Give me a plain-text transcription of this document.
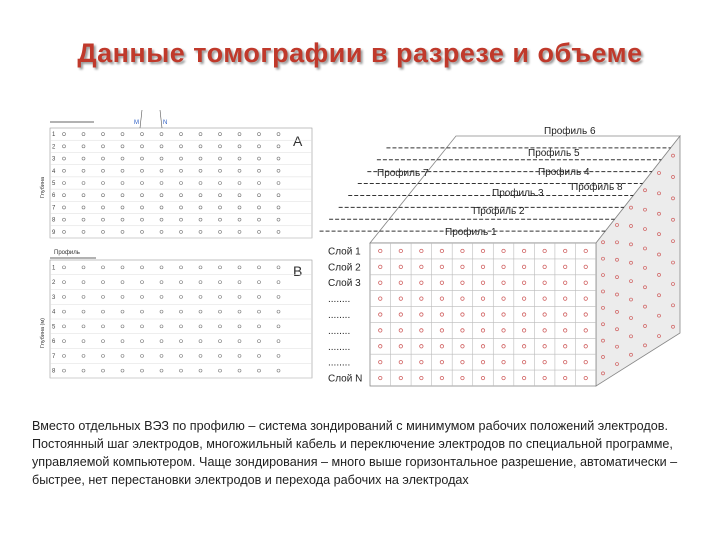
Данные томографии в разрезе и объеме
M	N
A
Глубина
1
2
3
4
5
6
7
8
9
Профиль
B
Глубина (м)
1
2
3
4
5
6
7
8
Слой 1
Слой 2
Слой 3
........
........
........
........
........
Слой N
Профиль 6
Профиль 5
Профиль 4
Профиль 7
Профиль 8
Профиль 3
Профиль 2
Профиль 1
Вместо отдельных ВЭЗ по профилю – система зондирований с минимумом рабочих положений электродов. Постоянный шаг электродов, многожильный кабель и переключение электродов по специальной программе, управляемой компьютером. Чаще зондирования – много выше горизонтальное разрешение, автоматически – быстрее, нет перестановки электродов и перехода рабочих на электродах
